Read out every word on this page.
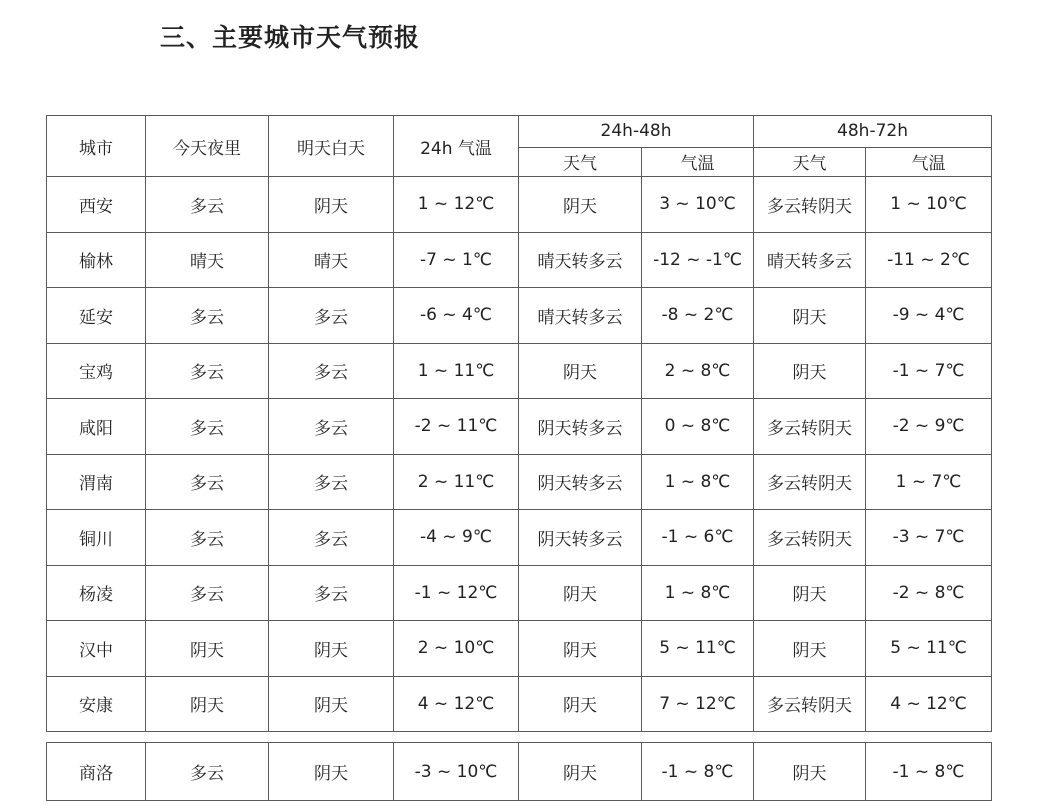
三、主要城市天气预报
城市	今天夜里	明天白天	24h 气温	24h-48h		48h-72h	
				天气	气温	天气	气温
西安	多云	阴天	1 ~ 12℃	阴天	3 ~ 10℃	多云转阴天	1 ~ 10℃
榆林	晴天	晴天	-7 ~ 1℃	晴天转多云	-12 ~ -1℃	晴天转多云	-11 ~ 2℃
延安	多云	多云	-6 ~ 4℃	晴天转多云	-8 ~ 2℃	阴天	-9 ~ 4℃
宝鸡	多云	多云	1 ~ 11℃	阴天	2 ~ 8℃	阴天	-1 ~ 7℃
咸阳	多云	多云	-2 ~ 11℃	阴天转多云	0 ~ 8℃	多云转阴天	-2 ~ 9℃
渭南	多云	多云	2 ~ 11℃	阴天转多云	1 ~ 8℃	多云转阴天	1 ~ 7℃
铜川	多云	多云	-4 ~ 9℃	阴天转多云	-1 ~ 6℃	多云转阴天	-3 ~ 7℃
杨凌	多云	多云	-1 ~ 12℃	阴天	1 ~ 8℃	阴天	-2 ~ 8℃
汉中	阴天	阴天	2 ~ 10℃	阴天	5 ~ 11℃	阴天	5 ~ 11℃
安康	阴天	阴天	4 ~ 12℃	阴天	7 ~ 12℃	多云转阴天	4 ~ 12℃
商洛	多云	阴天	-3 ~ 10℃	阴天	-1 ~ 8℃	阴天	-1 ~ 8℃
